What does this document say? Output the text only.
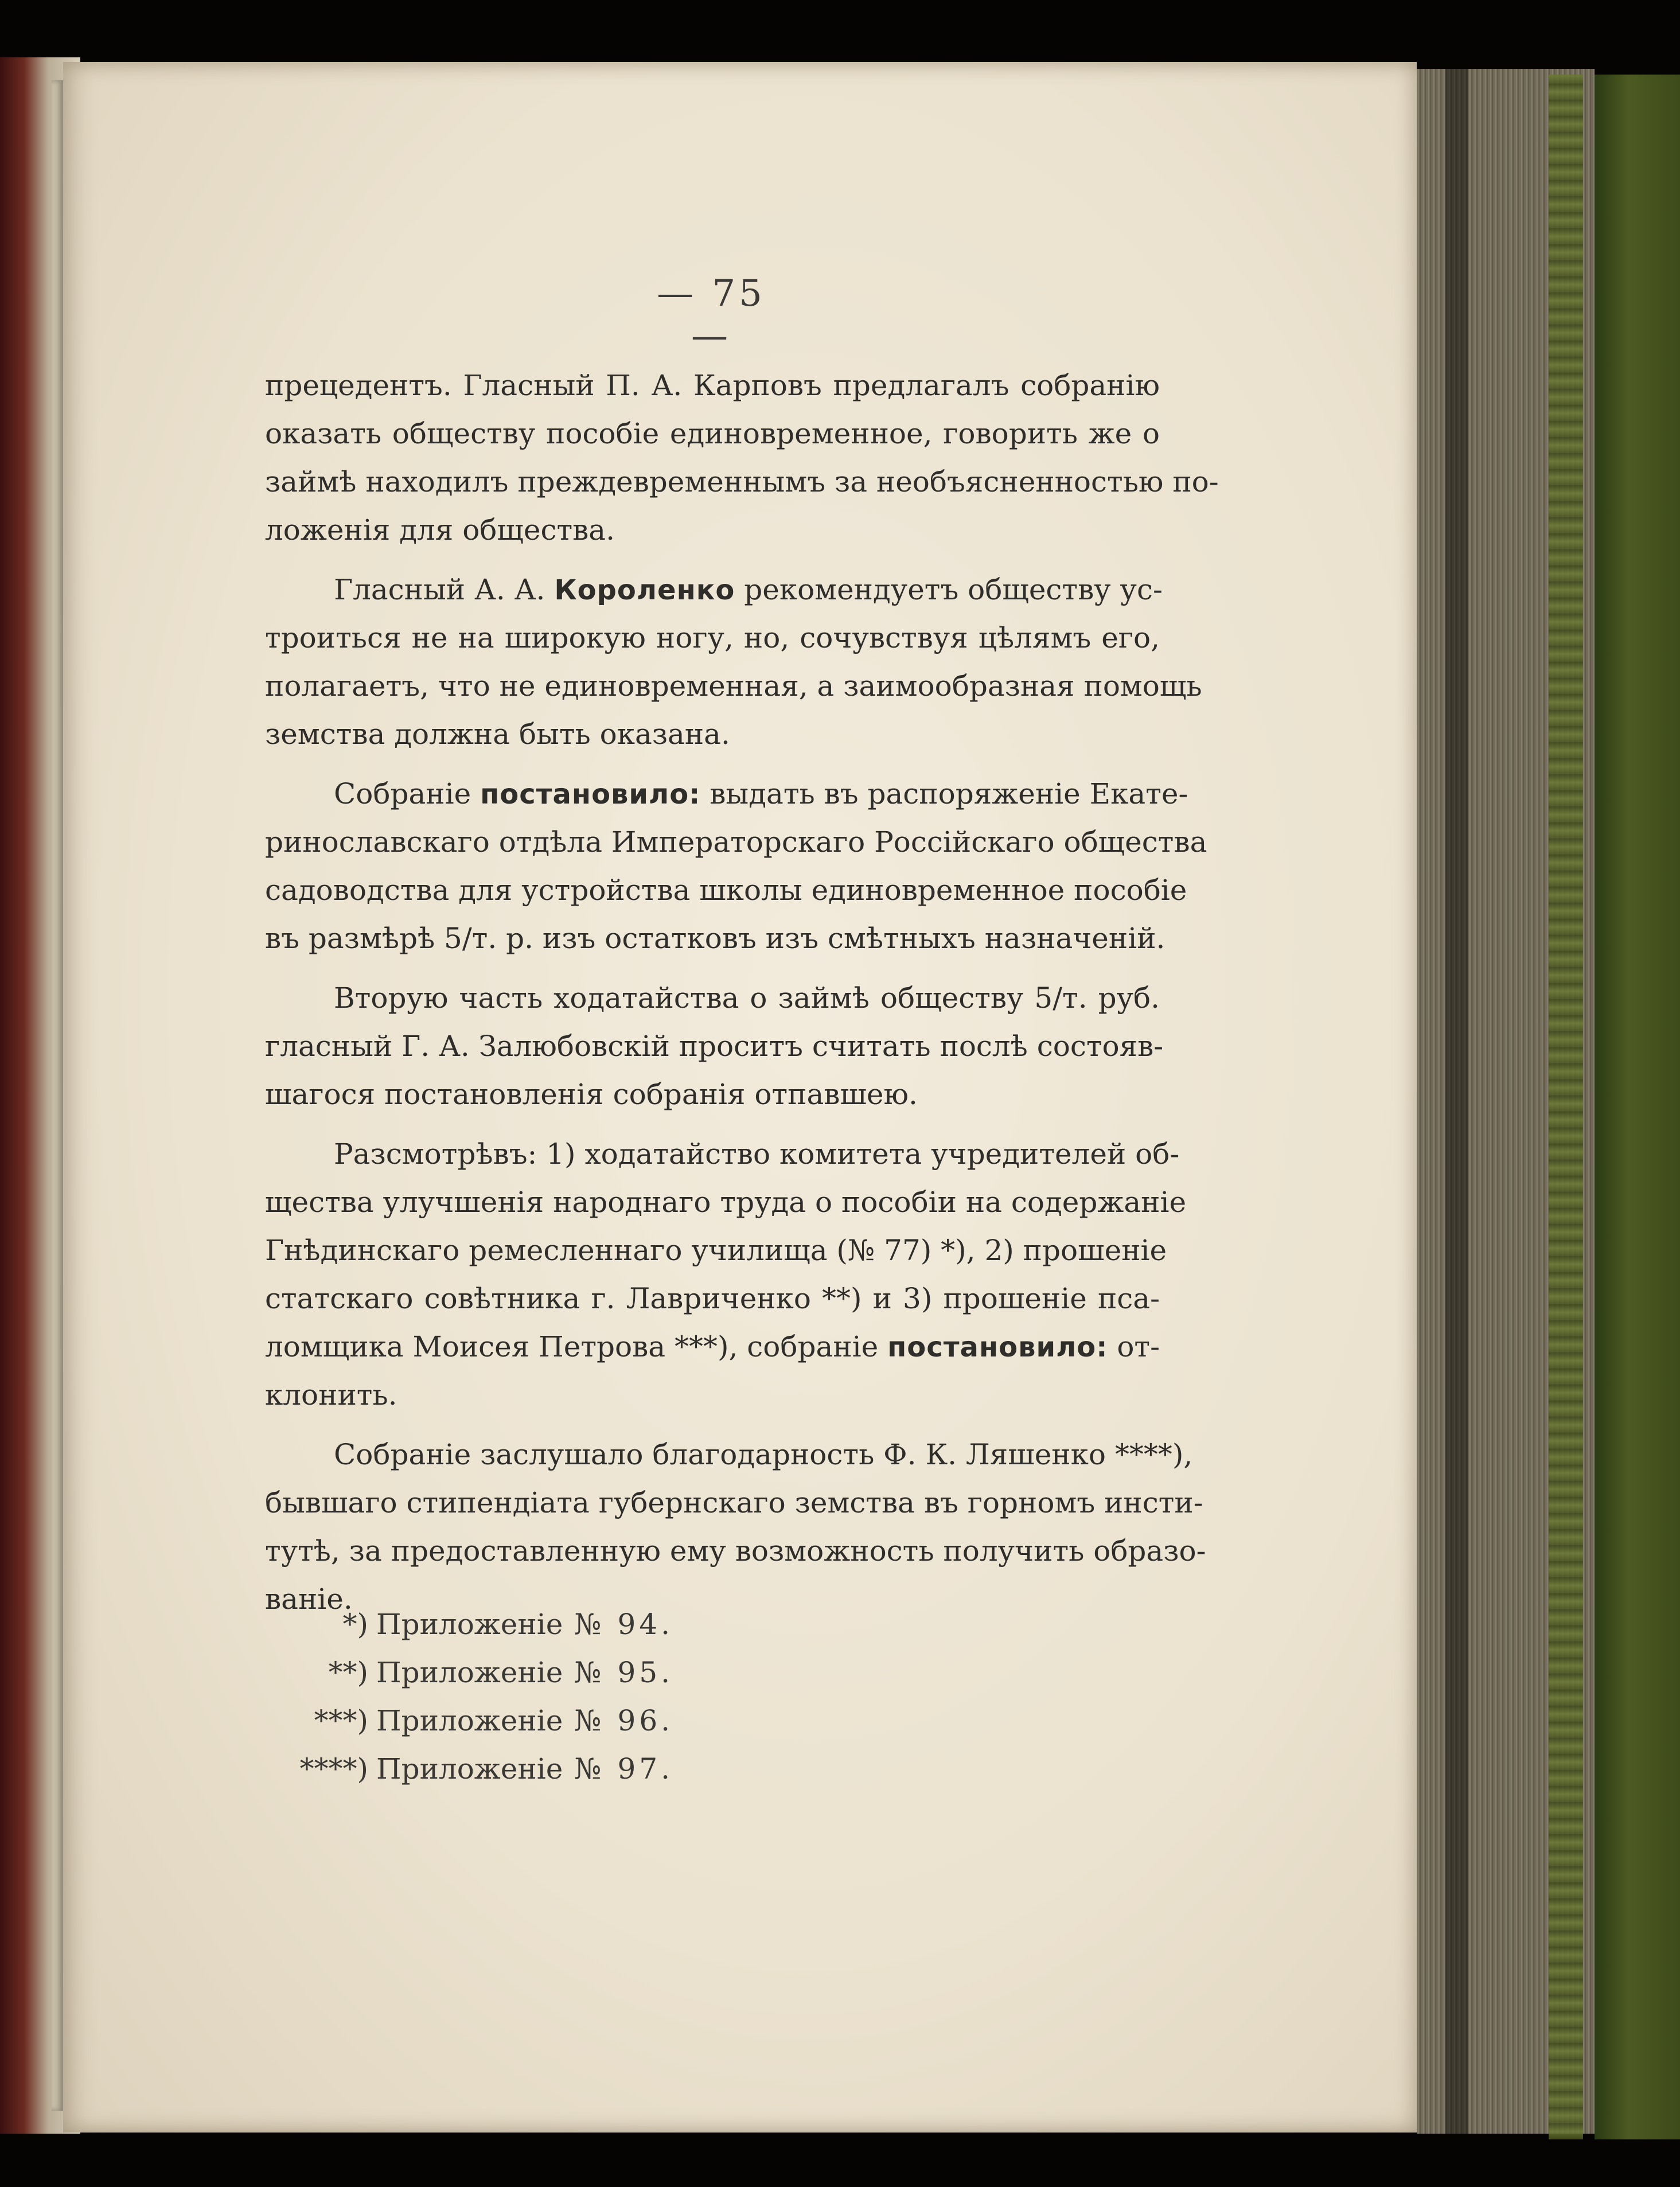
— 75 —
прецедентъ. Гласный П. А. Карповъ предлагалъ собранію
оказать обществу пособіе единовременное, говорить же о
займѣ находилъ преждевременнымъ за необъясненностью по-
ложенія для общества.
Гласный А. А. Короленко рекомендуетъ обществу ус-
троиться не на широкую ногу, но, сочувствуя цѣлямъ его,
полагаетъ, что не единовременная, а заимообразная помощь
земства должна быть оказана.
Собраніе постановило: выдать въ распоряженіе Екате-
ринославскаго отдѣла Императорскаго Россійскаго общества
садоводства для устройства школы единовременное пособіе
въ размѣрѣ 5/т. р. изъ остатковъ изъ смѣтныхъ назначеній.
Вторую часть ходатайства о займѣ обществу 5/т. руб.
гласный Г. А. Залюбовскій проситъ считать послѣ состояв-
шагося постановленія собранія отпавшею.
Разсмотрѣвъ: 1) ходатайство комитета учредителей об-
щества улучшенія народнаго труда о пособіи на содержаніе
Гнѣдинскаго ремесленнаго училища (№ 77) *), 2) прошеніе
статскаго совѣтника г. Лавриченко **) и 3) прошеніе пса-
ломщика Моисея Петрова ***), собраніе постановило: от-
клонить.
Собраніе заслушало благодарность Ф. К. Ляшенко ****),
бывшаго стипендіата губернскаго земства въ горномъ инсти-
тутѣ, за предоставленную ему возможность получить образо-
ваніе.
*) Приложеніе № 94.
**) Приложеніе № 95.
***) Приложеніе № 96.
****) Приложеніе № 97.
